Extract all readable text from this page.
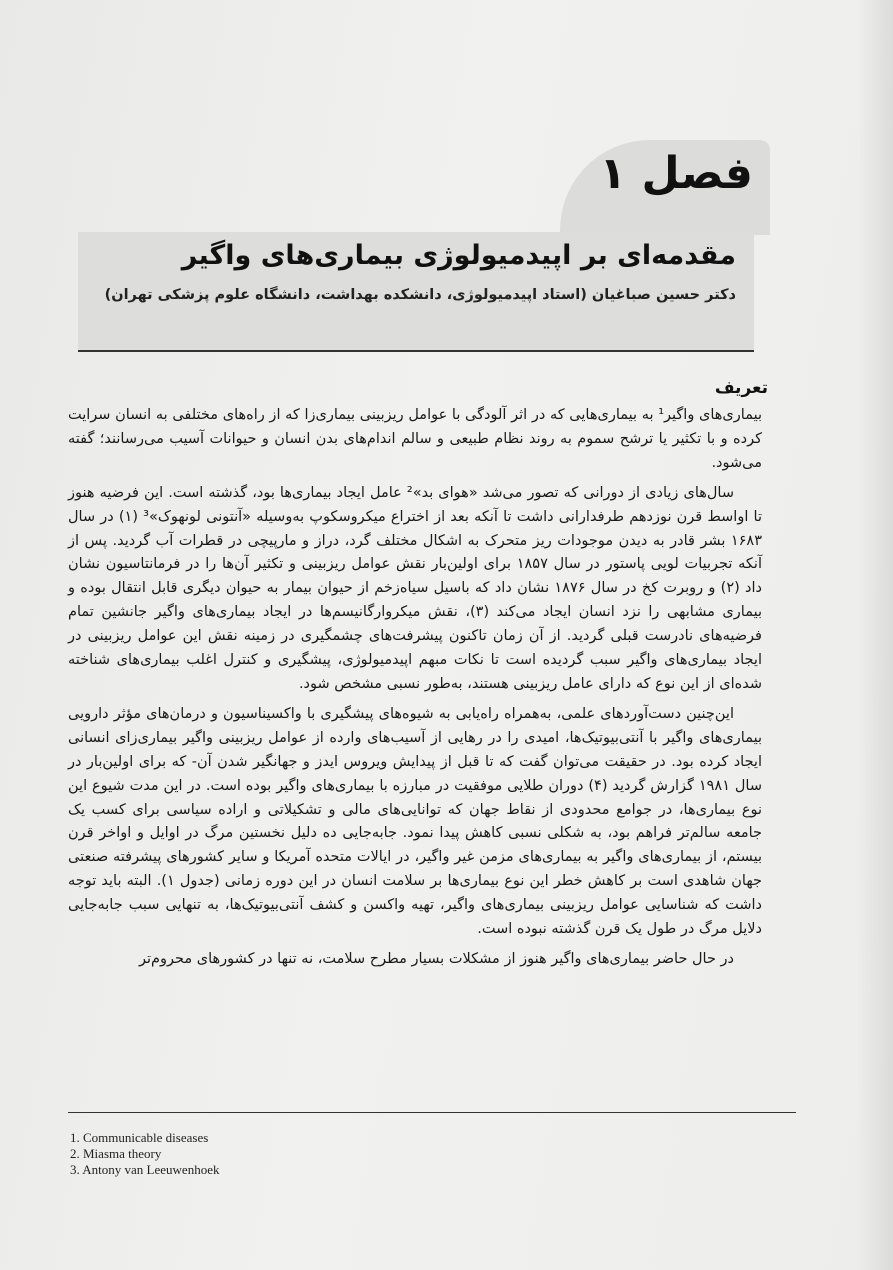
فصل ۱
مقدمه‌ای بر اپیدمیولوژی بیماری‌های واگیر
دکتر حسین صباغیان (استاد اپیدمیولوژی، دانشکده بهداشت، دانشگاه علوم پزشکی تهران)
تعریف

بیماری‌های واگیر¹ به بیماری‌هایی که در اثر آلودگی با عوامل ریزبینی بیماری‌زا که از راه‌های مختلفی به انسان سرایت کرده و با تکثیر یا ترشح سموم به روند نظام طبیعی و سالم اندام‌های بدن انسان و حیوانات آسیب می‌رسانند؛ گفته می‌شود.

سال‌های زیادی از دورانی که تصور می‌شد «هوای بد»² عامل ایجاد بیماری‌ها بود، گذشته است. این فرضیه هنوز تا اواسط قرن نوزدهم طرفدارانی داشت تا آنکه بعد از اختراع میکروسکوپ به‌وسیله «آنتونی لونهوک»³ (۱) در سال ۱۶۸۳ بشر قادر به دیدن موجودات ریز متحرک به اشکال مختلف گرد، دراز و مارپیچی در قطرات آب گردید. پس از آنکه تجربیات لویی پاستور در سال ۱۸۵۷ برای اولین‌بار نقش عوامل ریزبینی و تکثیر آن‌ها را در فرمانتاسیون نشان داد (۲) و روبرت کخ در سال ۱۸۷۶ نشان داد که باسیل سیاه‌زخم از حیوان بیمار به حیوان دیگری قابل انتقال بوده و بیماری مشابهی را نزد انسان ایجاد می‌کند (۳)، نقش میکروارگانیسم‌ها در ایجاد بیماری‌های واگیر جانشین تمام فرضیه‌های نادرست قبلی گردید. از آن زمان تاکنون پیشرفت‌های چشمگیری در زمینه نقش این عوامل ریزبینی در ایجاد بیماری‌های واگیر سبب گردیده است تا نکات مبهم اپیدمیولوژی، پیشگیری و کنترل اغلب بیماری‌های شناخته شده‌ای از این نوع که دارای عامل ریزبینی هستند، به‌طور نسبی مشخص شود.

این‌چنین دست‌آوردهای علمی، به‌همراه راه‌یابی به شیوه‌های پیشگیری با واکسیناسیون و درمان‌های مؤثر دارویی بیماری‌های واگیر با آنتی‌بیوتیک‌ها، امیدی را در رهایی از آسیب‌های وارده از عوامل ریزبینی واگیر بیماری‌زای انسانی ایجاد کرده بود. در حقیقت می‌توان گفت که تا قبل از پیدایش ویروس ایدز و جهانگیر شدن آن- که برای اولین‌بار در سال ۱۹۸۱ گزارش گردید (۴) دوران طلایی موفقیت در مبارزه با بیماری‌های واگیر بوده است. در این مدت شیوع این نوع بیماری‌ها، در جوامع محدودی از نقاط جهان که توانایی‌های مالی و تشکیلاتی و اراده سیاسی برای کسب یک جامعه سالم‌تر فراهم بود، به شکلی نسبی کاهش پیدا نمود. جابه‌جایی ده دلیل نخستین مرگ در اوایل و اواخر قرن بیستم، از بیماری‌های واگیر به بیماری‌های مزمن غیر واگیر، در ایالات متحده آمریکا و سایر کشورهای پیشرفته صنعتی جهان شاهدی است بر کاهش خطر این نوع بیماری‌ها بر سلامت انسان در این دوره زمانی (جدول ۱). البته باید توجه داشت که شناسایی عوامل ریزبینی بیماری‌های واگیر، تهیه واکسن و کشف آنتی‌بیوتیک‌ها، به تنهایی سبب جابه‌جایی دلایل مرگ در طول یک قرن گذشته نبوده است.

در حال حاضر بیماری‌های واگیر هنوز از مشکلات بسیار مطرح سلامت، نه تنها در کشورهای محروم‌تر

1. Communicable diseases
2. Miasma theory
3. Antony van Leeuwenhoek
